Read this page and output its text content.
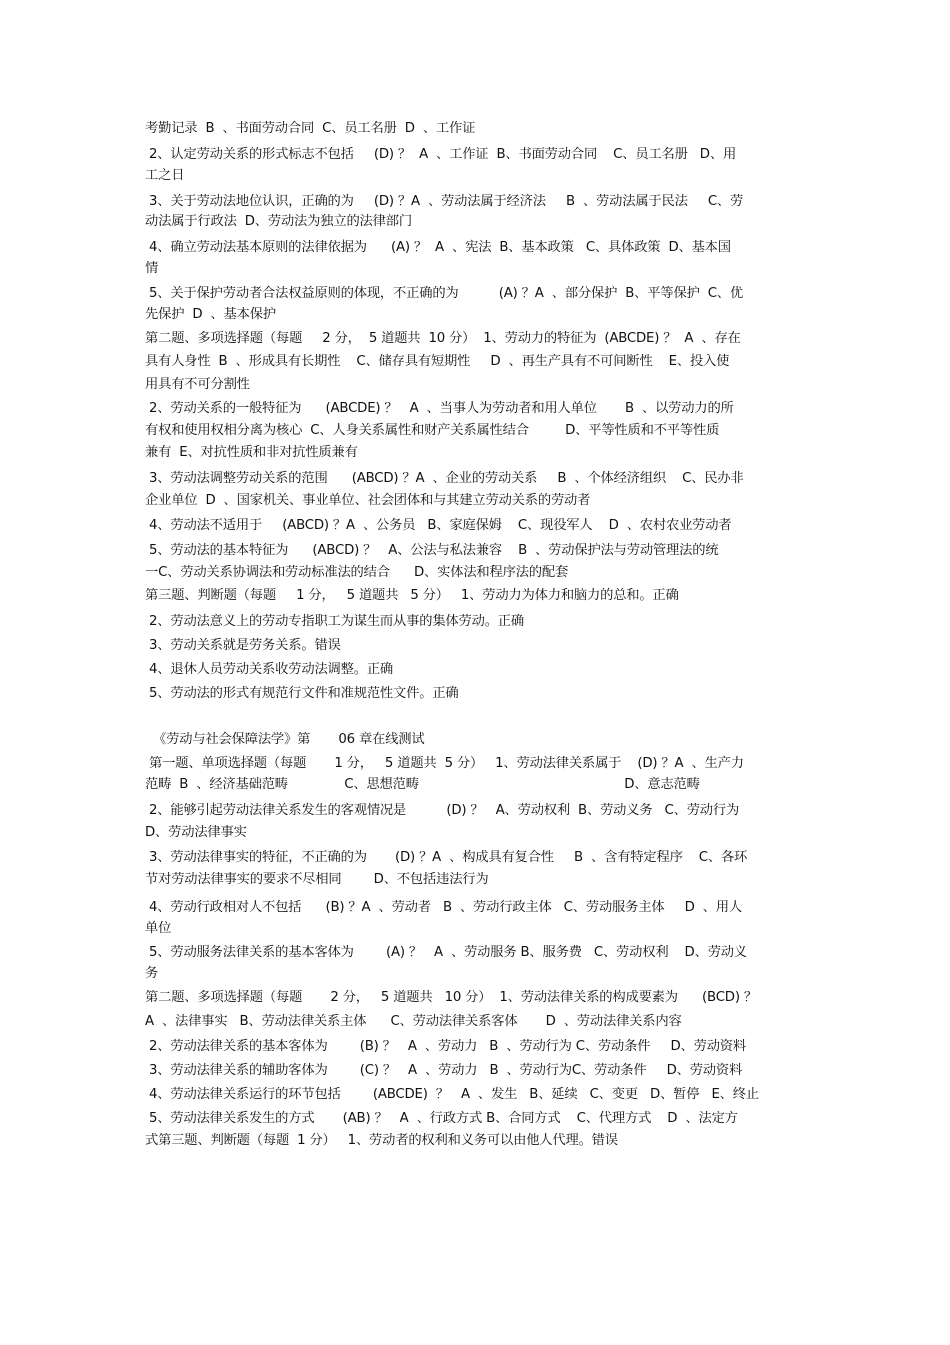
考勤记录  B  、书面劳动合同  C、员工名册  D  、工作证
2、认定劳动关系的形式标志不包括     (D) ？  A  、工作证  B、书面劳动合同    C、员工名册   D、用
工之日
3、关于劳动法地位认识，正确的为     (D) ？A  、劳动法属于经济法     B  、劳动法属于民法     C、劳
动法属于行政法  D、劳动法为独立的法律部门
4、确立劳动法基本原则的法律依据为      (A) ？  A  、宪法  B、基本政策   C、具体政策  D、基本国
情
5、关于保护劳动者合法权益原则的体现，不正确的为          (A) ？A  、部分保护  B、平等保护  C、优
先保护  D  、基本保护
第二题、多项选择题（每题     2 分，  5 道题共  10 分）  1、劳动力的特征为  (ABCDE) ？  A  、存在
具有人身性  B  、形成具有长期性    C、储存具有短期性     D  、再生产具有不可间断性    E、投入使
用具有不可分割性
2、劳动关系的一般特征为      (ABCDE) ？   A  、当事人为劳动者和用人单位       B  、以劳动力的所
有权和使用权相分离为核心  C、人身关系属性和财产关系属性结合         D、平等性质和不平等性质
兼有  E、对抗性质和非对抗性质兼有
3、劳动法调整劳动关系的范围      (ABCD) ？A  、企业的劳动关系     B  、个体经济组织    C、民办非
企业单位  D  、国家机关、事业单位、社会团体和与其建立劳动关系的劳动者
4、劳动法不适用于     (ABCD) ？A  、公务员   B、家庭保姆    C、现役军人    D  、农村农业劳动者
5、劳动法的基本特征为      (ABCD) ？   A、公法与私法兼容    B  、劳动保护法与劳动管理法的统
一C、劳动关系协调法和劳动标准法的结合      D、实体法和程序法的配套
第三题、判断题（每题     1 分，   5 道题共   5 分）   1、劳动力为体力和脑力的总和。正确
2、劳动法意义上的劳动专指职工为谋生而从事的集体劳动。正确
3、劳动关系就是劳务关系。错误
4、退休人员劳动关系收劳动法调整。正确
5、劳动法的形式有规范行文件和准规范性文件。正确
《劳动与社会保障法学》第       06 章在线测试
第一题、单项选择题（每题       1 分，   5 道题共  5 分）   1、劳动法律关系属于    (D) ？A  、生产力
范畴  B  、经济基础范畴              C、思想范畴                                                   D、意志范畴
2、能够引起劳动法律关系发生的客观情况是          (D) ？   A、劳动权利  B、劳动义务   C、劳动行为
D、劳动法律事实
3、劳动法律事实的特征，不正确的为       (D) ？A  、构成具有复合性     B  、含有特定程序    C、各环
节对劳动法律事实的要求不尽相同        D、不包括违法行为
4、劳动行政相对人不包括      (B) ？A  、劳动者   B  、劳动行政主体   C、劳动服务主体     D  、用人
单位
5、劳动服务法律关系的基本客体为        (A) ？   A  、劳动服务 B、服务费   C、劳动权利    D、劳动义
务
第二题、多项选择题（每题       2 分，   5 道题共   10 分）  1、劳动法律关系的构成要素为      (BCD) ？
A  、法律事实   B、劳动法律关系主体      C、劳动法律关系客体       D  、劳动法律关系内容
2、劳动法律关系的基本客体为        (B) ？   A  、劳动力   B  、劳动行为 C、劳动条件     D、劳动资料
3、劳动法律关系的辅助客体为        (C) ？   A  、劳动力   B  、劳动行为C、劳动条件     D、劳动资料
4、劳动法律关系运行的环节包括        (ABCDE)  ？   A  、发生   B、延续   C、变更   D、暂停   E、终止
5、劳动法律关系发生的方式       (AB) ？   A  、行政方式 B、合同方式    C、代理方式    D  、法定方
式第三题、判断题（每题  1 分）   1、劳动者的权利和义务可以由他人代理。错误
